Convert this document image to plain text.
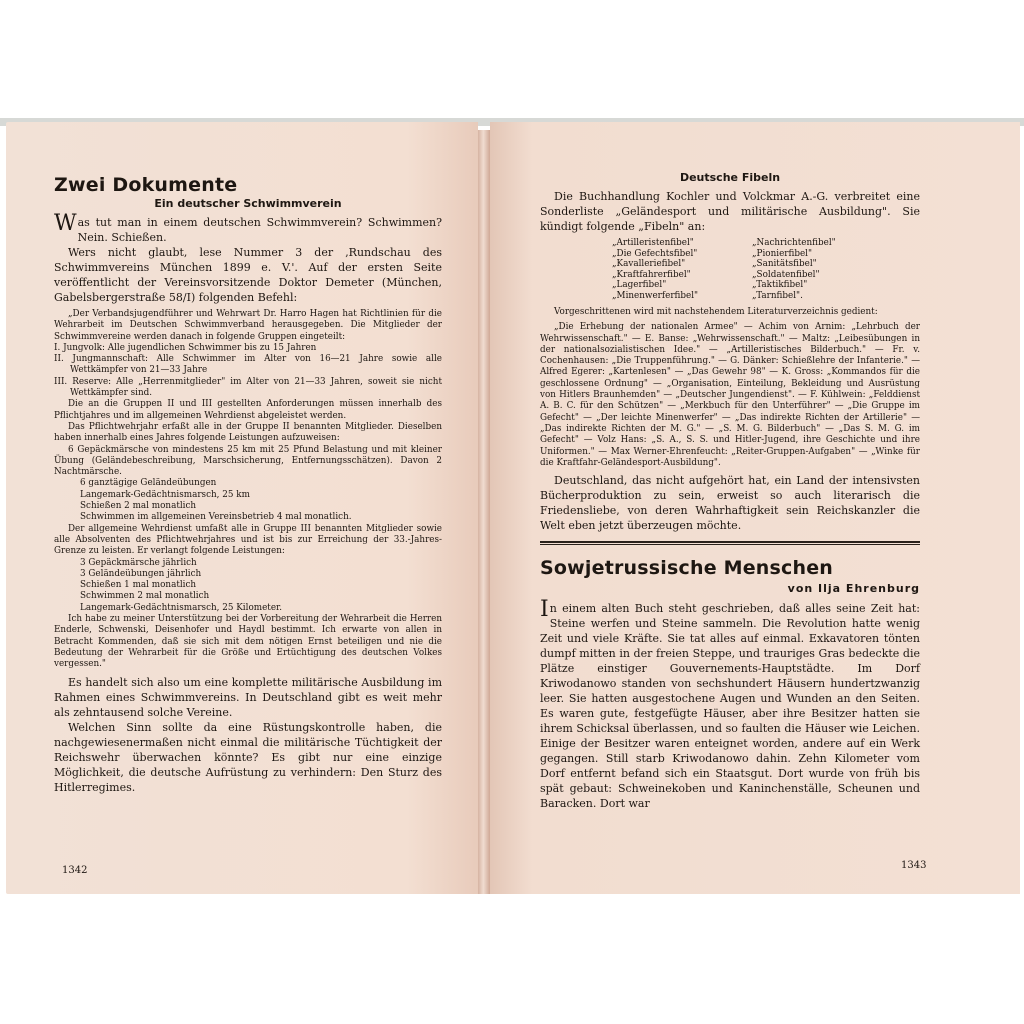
Zwei Dokumente
Ein deutscher Schwimmverein

Was tut man in einem deutschen Schwimmverein? Schwimmen? Nein. Schießen.

Wers nicht glaubt, lese Nummer 3 der ‚Rundschau des Schwimmvereins München 1899 e. V.'. Auf der ersten Seite veröffentlicht der Vereinsvorsitzende Doktor Demeter (München, Gabelsbergerstraße 58/I) folgenden Befehl:

„Der Verbandsjugendführer und Wehrwart Dr. Harro Hagen hat Richtlinien für die Wehrarbeit im Deutschen Schwimmverband herausgegeben. Die Mitglieder der Schwimmvereine werden danach in folgende Gruppen eingeteilt:

I. Jungvolk: Alle jugendlichen Schwimmer bis zu 15 Jahren

II. Jungmannschaft: Alle Schwimmer im Alter von 16—21 Jahre sowie alle Wettkämpfer von 21—33 Jahre

III. Reserve: Alle „Herrenmitglieder" im Alter von 21—33 Jahren, soweit sie nicht Wettkämpfer sind.

Die an die Gruppen II und III gestellten Anforderungen müssen innerhalb des Pflichtjahres und im allgemeinen Wehrdienst abgeleistet werden.

Das Pflichtwehrjahr erfaßt alle in der Gruppe II benannten Mitglieder. Dieselben haben innerhalb eines Jahres folgende Leistungen aufzuweisen:

6 Gepäckmärsche von mindestens 25 km mit 25 Pfund Belastung und mit kleiner Übung (Geländebeschreibung, Marschsicherung, Entfernungsschätzen). Davon 2 Nachtmärsche.

6 ganztägige Geländeübungen

Langemark-Gedächtnismarsch, 25 km

Schießen 2 mal monatlich

Schwimmen im allgemeinen Vereinsbetrieb 4 mal monatlich.

Der allgemeine Wehrdienst umfaßt alle in Gruppe III benannten Mitglieder sowie alle Absolventen des Pflichtwehrjahres und ist bis zur Erreichung der 33.-Jahres-Grenze zu leisten. Er verlangt folgende Leistungen:

3 Gepäckmärsche jährlich

3 Geländeübungen jährlich

Schießen 1 mal monatlich

Schwimmen 2 mal monatlich

Langemark-Gedächtnismarsch, 25 Kilometer.

Ich habe zu meiner Unterstützung bei der Vorbereitung der Wehrarbeit die Herren Enderle, Schwenski, Deisenhofer und Haydl bestimmt. Ich erwarte von allen in Betracht Kommenden, daß sie sich mit dem nötigen Ernst beteiligen und nie die Bedeutung der Wehrarbeit für die Größe und Ertüchtigung des deutschen Volkes vergessen."

Es handelt sich also um eine komplette militärische Ausbildung im Rahmen eines Schwimmvereins. In Deutschland gibt es weit mehr als zehntausend solche Vereine.

Welchen Sinn sollte da eine Rüstungskontrolle haben, die nachgewiesenermaßen nicht einmal die militärische Tüchtigkeit der Reichswehr überwachen könnte? Es gibt nur eine einzige Möglichkeit, die deutsche Aufrüstung zu verhindern: Den Sturz des Hitlerregimes.

1342
Deutsche Fibeln

Die Buchhandlung Kochler und Volckmar A.-G. verbreitet eine Sonderliste „Geländesport und militärische Ausbildung". Sie kündigt folgende „Fibeln" an:

„Artilleristenfibel"	„Nachrichtenfibel"
„Die Gefechtsfibel"	„Pionierfibel"
„Kavalleriefibel"	„Sanitätsfibel"
„Kraftfahrerfibel"	„Soldatenfibel"
„Lagerfibel"	„Taktikfibel"
„Minenwerferfibel"	„Tarnfibel".

Vorgeschrittenen wird mit nachstehendem Literaturverzeichnis gedient:

„Die Erhebung der nationalen Armee" — Achim von Arnim: „Lehrbuch der Wehrwissenschaft." — E. Banse: „Wehrwissenschaft." — Maltz: „Leibesübungen in der nationalsozialistischen Idee." — „Artilleristisches Bilderbuch." — Fr. v. Cochenhausen: „Die Truppenführung." — G. Dänker: Schießlehre der Infanterie." — Alfred Egerer: „Kartenlesen" — „Das Gewehr 98" — K. Gross: „Kommandos für die geschlossene Ordnung" — „Organisation, Einteilung, Bekleidung und Ausrüstung von Hitlers Braunhemden" — „Deutscher Jungendienst". — F. Kühlwein: „Felddienst A. B. C. für den Schützen" — „Merkbuch für den Unterführer" — „Die Gruppe im Gefecht" — „Der leichte Minenwerfer" — „Das indirekte Richten der Artillerie" — „Das indirekte Richten der M. G." — „S. M. G. Bilderbuch" — „Das S. M. G. im Gefecht" — Volz Hans: „S. A., S. S. und Hitler-Jugend, ihre Geschichte und ihre Uniformen." — Max Werner-Ehrenfeucht: „Reiter-Gruppen-Aufgaben" — „Winke für die Kraftfahr-Geländesport-Ausbildung".

Deutschland, das nicht aufgehört hat, ein Land der intensivsten Bücherproduktion zu sein, erweist so auch literarisch die Friedensliebe, von deren Wahrhaftigkeit sein Reichskanzler die Welt eben jetzt überzeugen möchte.

Sowjetrussische Menschen
von Ilja Ehrenburg

In einem alten Buch steht geschrieben, daß alles seine Zeit hat: Steine werfen und Steine sammeln. Die Revolution hatte wenig Zeit und viele Kräfte. Sie tat alles auf einmal. Exkavatoren tönten dumpf mitten in der freien Steppe, und trauriges Gras bedeckte die Plätze einstiger Gouvernements-Hauptstädte. Im Dorf Kriwodanowo standen von sechshundert Häusern hundertzwanzig leer. Sie hatten ausgestochene Augen und Wunden an den Seiten. Es waren gute, festgefügte Häuser, aber ihre Besitzer hatten sie ihrem Schicksal überlassen, und so faulten die Häuser wie Leichen. Einige der Besitzer waren enteignet worden, andere auf ein Werk gegangen. Still starb Kriwodanowo dahin. Zehn Kilometer vom Dorf entfernt befand sich ein Staatsgut. Dort wurde von früh bis spät gebaut: Schweinekoben und Kaninchenställe, Scheunen und Baracken. Dort war

1343
